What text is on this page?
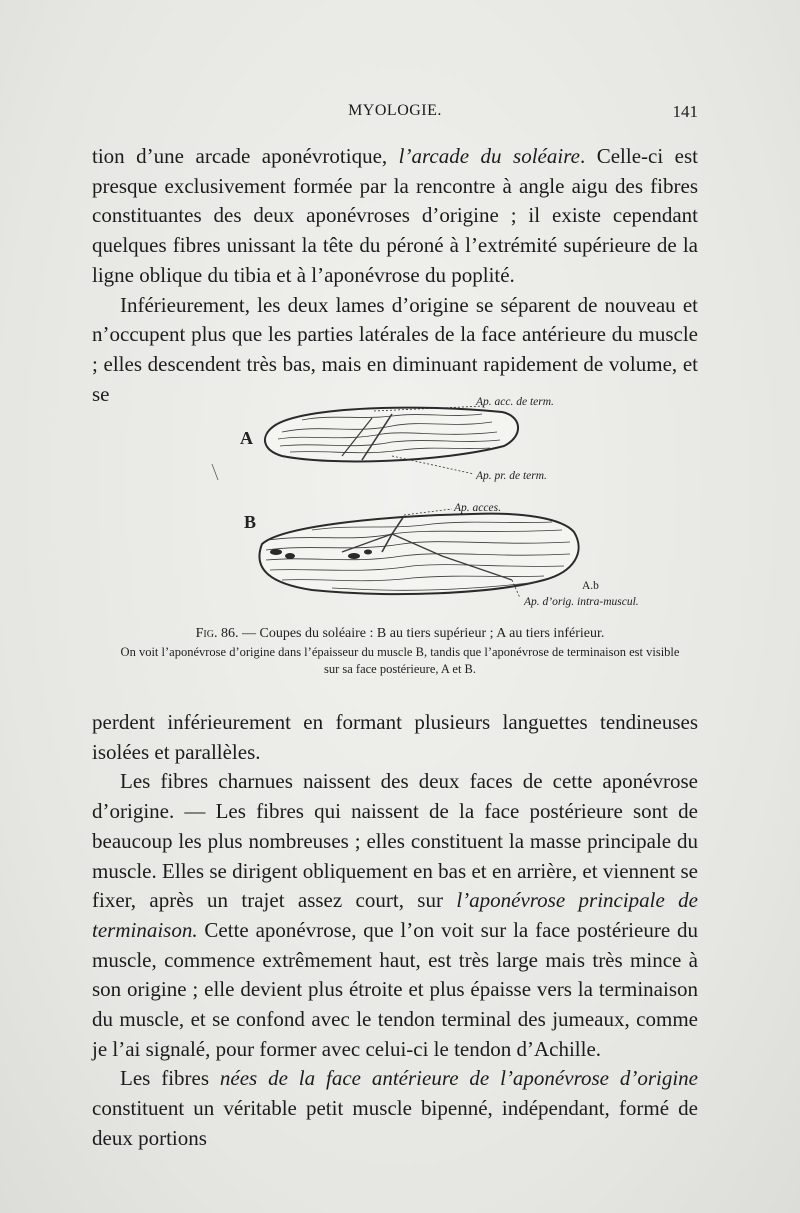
MYOLOGIE.	141

tion d’une arcade aponévrotique, l’arcade du soléaire. Celle-ci est presque exclusivement formée par la rencontre à angle aigu des fibres constituantes des deux aponévroses d’origine ; il existe cependant quelques fibres unissant la tête du péroné à l’extrémité supérieure de la ligne oblique du tibia et à l’aponévrose du poplité.

Inférieurement, les deux lames d’origine se séparent de nouveau et n’occupent plus que les parties latérales de la face antérieure du muscle ; elles descendent très bas, mais en diminuant rapidement de volume, et se

A
B
Ap. acc. de term.
Ap. pr. de term.
Ap. acces.
A.b
Ap. d’orig. intra-muscul.
Fig. 86. — Coupes du soléaire : B au tiers supérieur ; A au tiers inférieur.
On voit l’aponévrose d’origine dans l’épaisseur du muscle B, tandis que l’aponévrose de terminaison est visible sur sa face postérieure, A et B.

perdent inférieurement en formant plusieurs languettes tendineuses isolées et parallèles.

Les fibres charnues naissent des deux faces de cette aponévrose d’origine. — Les fibres qui naissent de la face postérieure sont de beaucoup les plus nombreuses ; elles constituent la masse principale du muscle. Elles se dirigent obliquement en bas et en arrière, et viennent se fixer, après un trajet assez court, sur l’aponévrose principale de terminaison. Cette aponévrose, que l’on voit sur la face postérieure du muscle, commence extrêmement haut, est très large mais très mince à son origine ; elle devient plus étroite et plus épaisse vers la terminaison du muscle, et se confond avec le tendon terminal des jumeaux, comme je l’ai signalé, pour former avec celui-ci le tendon d’Achille.

Les fibres nées de la face antérieure de l’aponévrose d’origine constituent un véritable petit muscle bipenné, indépendant, formé de deux portions
